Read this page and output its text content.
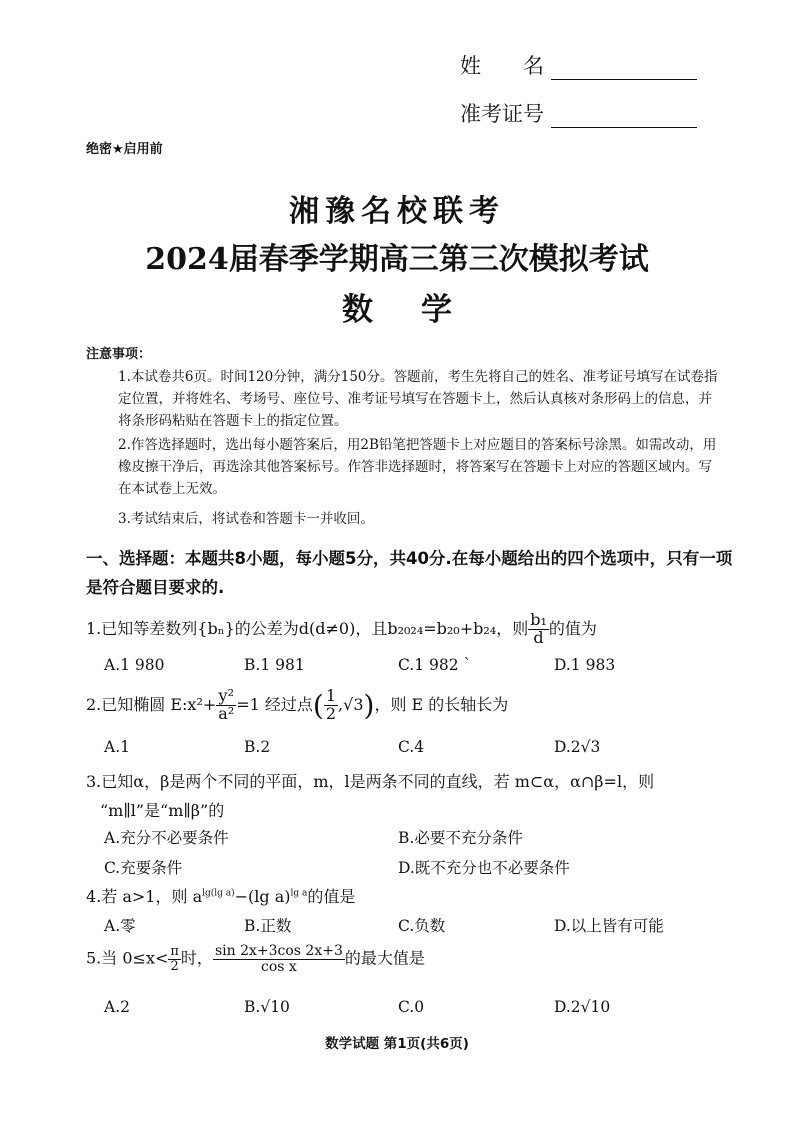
姓　　名
准考证号
绝密★启用前
湘豫名校联考
2024届春季学期高三第三次模拟考试
数学
注意事项：
1.本试卷共6页。时间120分钟，满分150分。答题前，考生先将自己的姓名、准考证号填写在试卷指定位置，并将姓名、考场号、座位号、准考证号填写在答题卡上，然后认真核对条形码上的信息，并将条形码粘贴在答题卡上的指定位置。
2.作答选择题时，选出每小题答案后，用2B铅笔把答题卡上对应题目的答案标号涂黑。如需改动，用橡皮擦干净后，再选涂其他答案标号。作答非选择题时，将答案写在答题卡上对应的答题区域内。写在本试卷上无效。
3.考试结束后，将试卷和答题卡一并收回。
一、选择题：本题共8小题，每小题5分，共40分.在每小题给出的四个选项中，只有一项是符合题目要求的.
1.已知等差数列{bₙ}的公差为d(d≠0)，且b₂₀₂₄=b₂₀+b₂₄，则 $\frac{\text{b₁}}{d}$ 的值为
A.1 980	B.1 981	C.1 982 ˋ	D.1 983
2.已知椭圆 E:x²+ $\frac{\text{y²}}{\text{a²}} =1$ 经过点( $\frac{1}{2} ,√3$)，则 E 的长轴长为
A.1	B.2	C.4	D.2√3
3.已知α，β是两个不同的平面，m，l是两条不同的直线，若 m⊂α，α∩β=l，则
“m∥l”是“m∥β”的
A.充分不必要条件	B.必要不充分条件
C.充要条件	D.既不充分也不必要条件
4.若 a>1，则 $a^{lg(lg a)}-(\lg$ a)$^{lg a}$的值是
A.零	B.正数	C.负数	D.以上皆有可能
5.当 $0\le x< \frac{\pi}{2}$ 时， $\frac{\sin 2x+3\cos 2x+3}{\text{cos x}}$ 的最大值是
A.2	B.√10	C.0	D.2√10
数学试题 第1页(共6页)
